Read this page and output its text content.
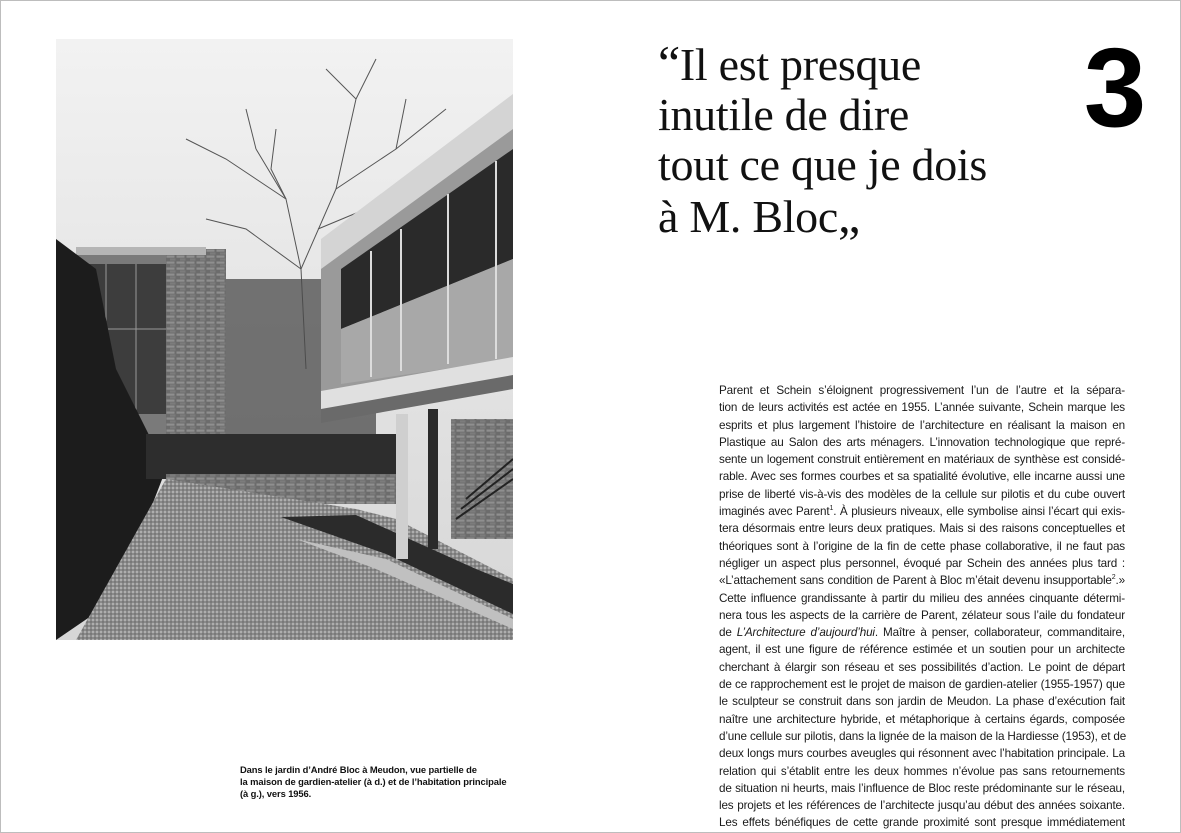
Dans le jardin d’André Bloc à Meudon, vue partielle de
la maison de gardien-atelier (à d.) et de l’habitation principale
(à g.), vers 1956.
“Il est presque
inutile de dire
tout ce que je dois
à M. Bloc„
3
Parent et Schein s’éloignent progressivement l’un de l’autre et la sépara-
tion de leurs activités est actée en 1955. L’année suivante, Schein marque les
esprits et plus largement l’histoire de l’architecture en réalisant la maison en
Plastique au Salon des arts ménagers. L’innovation technologique que repré-
sente un logement construit entièrement en matériaux de synthèse est considé-
rable. Avec ses formes courbes et sa spatialité évolutive, elle incarne aussi une
prise de liberté vis-à-vis des modèles de la cellule sur pilotis et du cube ouvert
imaginés avec Parent$^1$. À plusieurs niveaux, elle symbolise ainsi l’écart qui exis-
tera désormais entre leurs deux pratiques. Mais si des raisons conceptuelles et
théoriques sont à l’origine de la fin de cette phase collaborative, il ne faut pas
négliger un aspect plus personnel, évoqué par Schein des années plus tard :
«L’attachement sans condition de Parent à Bloc m’était devenu insupportable$^2$.»
Cette influence grandissante à partir du milieu des années cinquante détermi-
nera tous les aspects de la carrière de Parent, zélateur sous l’aile du fondateur
de L’Architecture d’aujourd’hui. Maître à penser, collaborateur, commanditaire,
agent, il est une figure de référence estimée et un soutien pour un architecte
cherchant à élargir son réseau et ses possibilités d’action. Le point de départ
de ce rapprochement est le projet de maison de gardien-atelier (1955-1957) que
le sculpteur se construit dans son jardin de Meudon. La phase d’exécution fait
naître une architecture hybride, et métaphorique à certains égards, composée
d’une cellule sur pilotis, dans la lignée de la maison de la Hardiesse (1953), et de
deux longs murs courbes aveugles qui résonnent avec l’habitation principale. La
relation qui s’établit entre les deux hommes n’évolue pas sans retournements
de situation ni heurts, mais l’influence de Bloc reste prédominante sur le réseau,
les projets et les références de l’architecte jusqu’au début des années soixante.
Les effets bénéfiques de cette grande proximité sont presque immédiatement
